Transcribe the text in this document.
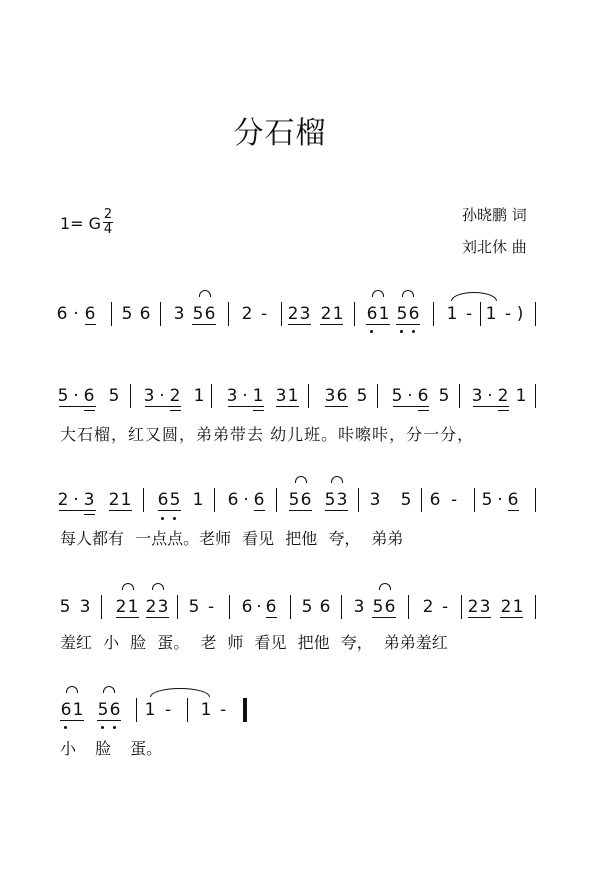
分石榴
1= G 2
4
孙晓鹏 词
刘北休 曲
6 · 6 5 6 3 5 6 2 - 2 3 2 1 6 1 5 6 1 - 1 - )
5 · 6 5 3 · 2 1 3 · 1 3 1 3 6 5 5 · 6 5 3 · 2 1
大石榴，红又圆，弟弟带去 幼儿班。咔嚓咔，分一分，
2 · 3 2 1 6 5 1 6 · 6 5 6 5 3 3 5 6 - 5 · 6
每人都有 一点点。老师 看见 把他 夸， 弟弟
5 3 2 1 2 3 5 - 6 · 6 5 6 3 5 6 2 - 2 3 2 1
羞红 小 脸 蛋。 老 师 看见 把他 夸， 弟弟羞红
6 1 5 6 1 - 1 -
小 脸 蛋。
